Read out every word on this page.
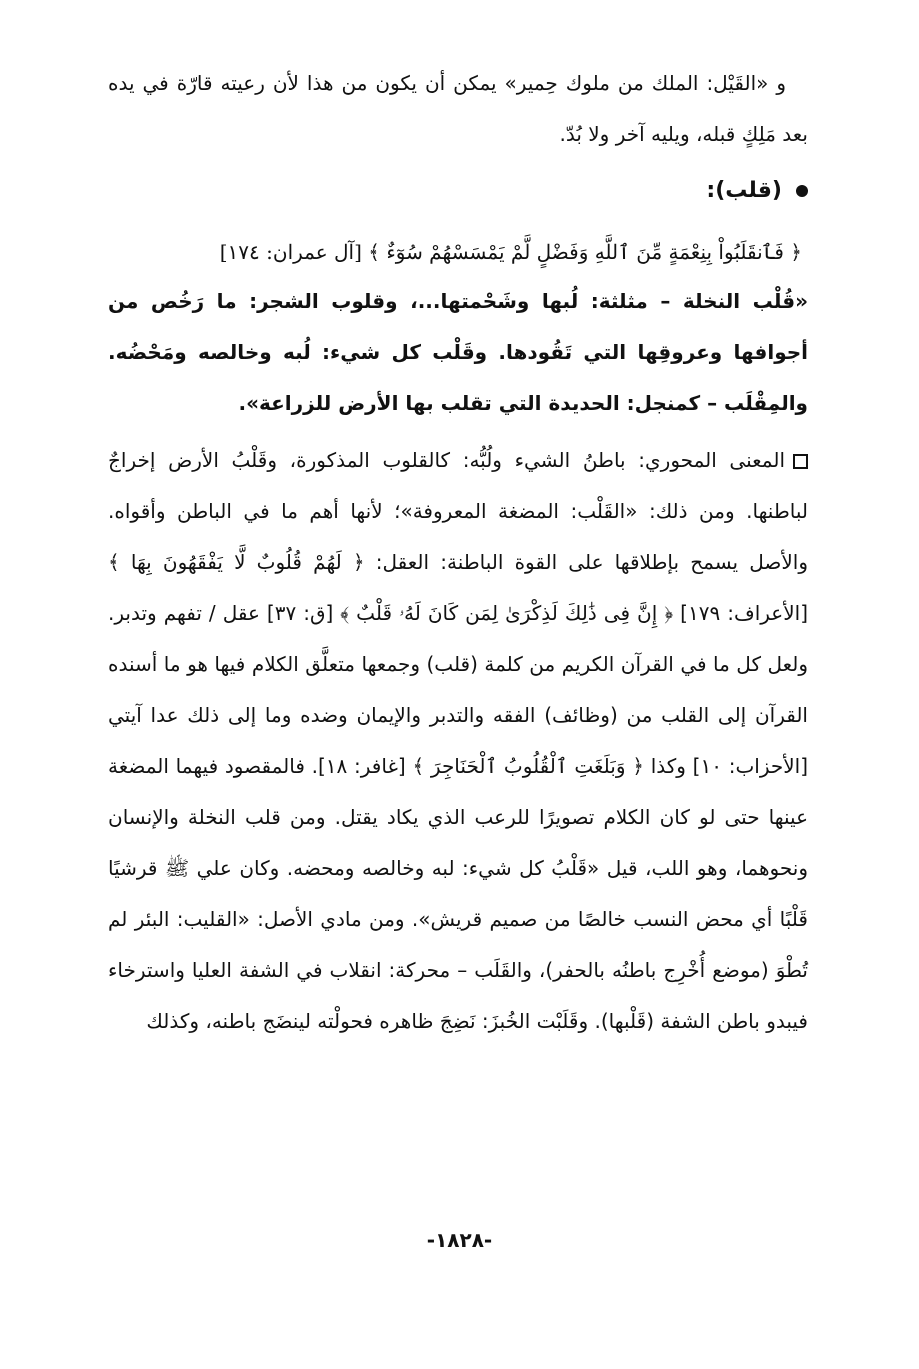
و «القَيْل: الملك من ملوك حِمير» يمكن أن يكون من هذا لأن رعيته قارّة في يده بعد مَلِكٍ قبله، ويليه آخر ولا بُدّ.

(قلب):

﴿ فَٱنقَلَبُواْ بِنِعْمَةٍ مِّنَ ٱللَّهِ وَفَضْلٍ لَّمْ يَمْسَسْهُمْ سُوٓءٌ ﴾ [آل عمران: ١٧٤]

«قُلْب النخلة – مثلثة: لُبها وشَحْمتها...، وقلوب الشجر: ما رَخُص من أجوافها وعروقِها التي تَقُودها. وقَلْب كل شيء: لُبه وخالصه ومَحْضُه. والمِقْلَب – كمنجل: الحديدة التي تقلب بها الأرض للزراعة».

المعنى المحوري: باطنُ الشيء ولُبُّه: كالقلوب المذكورة، وقَلْبُ الأرض إخراجٌ لباطنها. ومن ذلك: «القَلْب: المضغة المعروفة»؛ لأنها أهم ما في الباطن وأقواه. والأصل يسمح بإطلاقها على القوة الباطنة: العقل: ﴿ لَهُمْ قُلُوبٌ لَّا يَفْقَهُونَ بِهَا ﴾ [الأعراف: ١٧٩] ﴿ إِنَّ فِى ذَٰلِكَ لَذِكْرَىٰ لِمَن كَانَ لَهُۥ قَلْبٌ ﴾ [ق: ٣٧] عقل / تفهم وتدبر. ولعل كل ما في القرآن الكريم من كلمة (قلب) وجمعها متعلَّق الكلام فيها هو ما أسنده القرآن إلى القلب من (وظائف) الفقه والتدبر والإيمان وضده وما إلى ذلك عدا آيتي [الأحزاب: ١٠] وكذا ﴿ وَبَلَغَتِ ٱلْقُلُوبُ ٱلْحَنَاجِرَ ﴾ [غافر: ١٨]. فالمقصود فيهما المضغة عينها حتى لو كان الكلام تصويرًا للرعب الذي يكاد يقتل. ومن قلب النخلة والإنسان ونحوهما، وهو اللب، قيل «قَلْبُ كل شيء: لبه وخالصه ومحضه. وكان علي ﷺ قرشيًا قَلْبًا أي محض النسب خالصًا من صميم قريش». ومن مادي الأصل: «القليب: البئر لم تُطْوَ (موضع أُخْرِج باطنُه بالحفر)، والقَلَب – محركة: انقلاب في الشفة العليا واسترخاء فيبدو باطن الشفة (قَلْبها). وقَلَبْت الخُبزَ: نَضِجَ ظاهره فحولْته لينضَج باطنه، وكذلك

-١٨٢٨-
